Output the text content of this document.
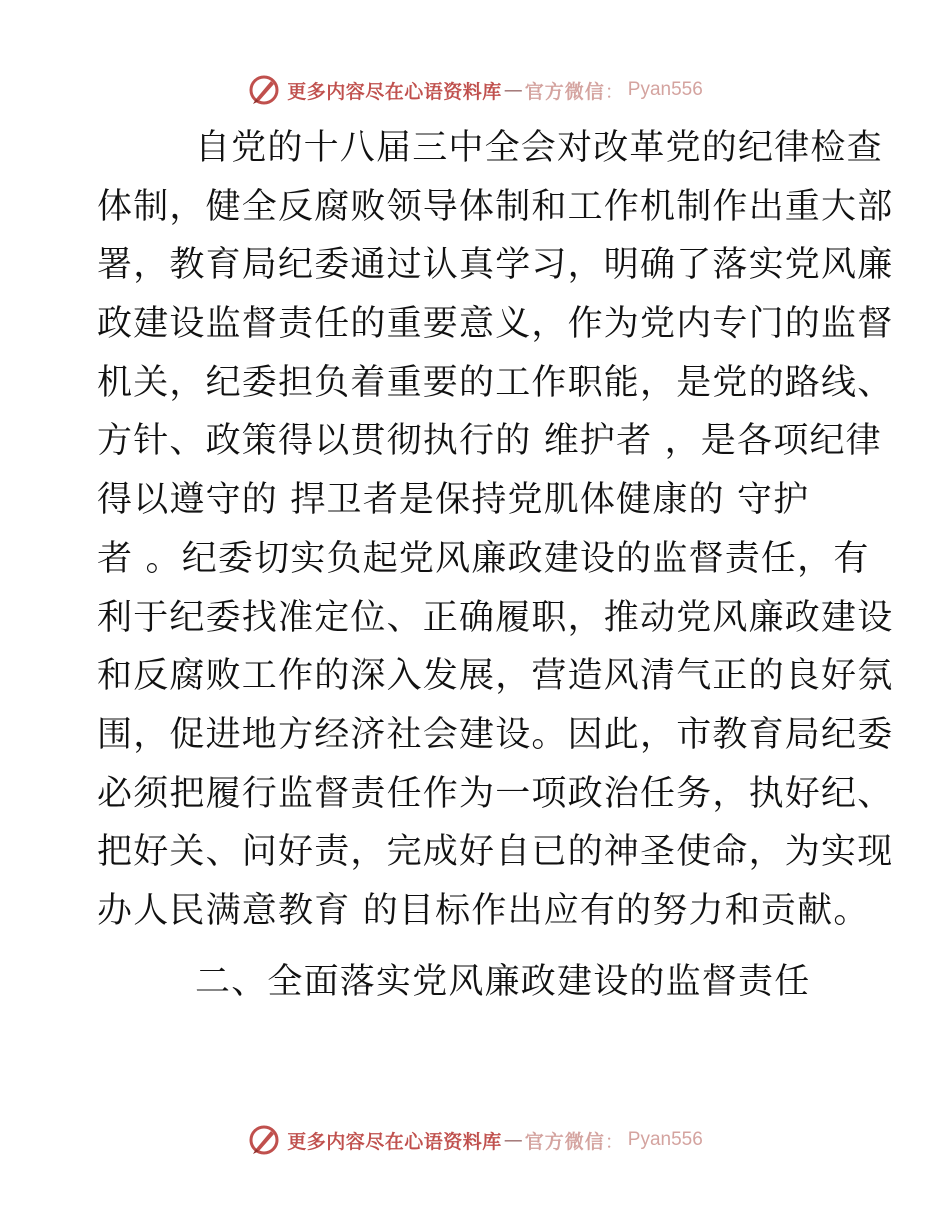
更多内容尽在心语资料库 — 官方微信 ： Pyan556
自党的十八届三中全会对改革党的纪律检查
体制，健全反腐败领导体制和工作机制作出重大部
署，教育局纪委通过认真学习，明确了落实党风廉
政建设监督责任的重要意义，作为党内专门的监督
机关，纪委担负着重要的工作职能，是党的路线、
方针、政策得以贯彻执行的 维护者 ，是各项纪律
得以遵守的 捍卫者是保持党肌体健康的 守护
者 。纪委切实负起党风廉政建设的监督责任，有
利于纪委找准定位、正确履职，推动党风廉政建设
和反腐败工作的深入发展，营造风清气正的良好氛
围，促进地方经济社会建设。因此，市教育局纪委
必须把履行监督责任作为一项政治任务，执好纪、
把好关、问好责，完成好自已的神圣使命，为实现
办人民满意教育 的目标作出应有的努力和贡献。
二、全面落实党风廉政建设的监督责任
更多内容尽在心语资料库 — 官方微信 ： Pyan556
